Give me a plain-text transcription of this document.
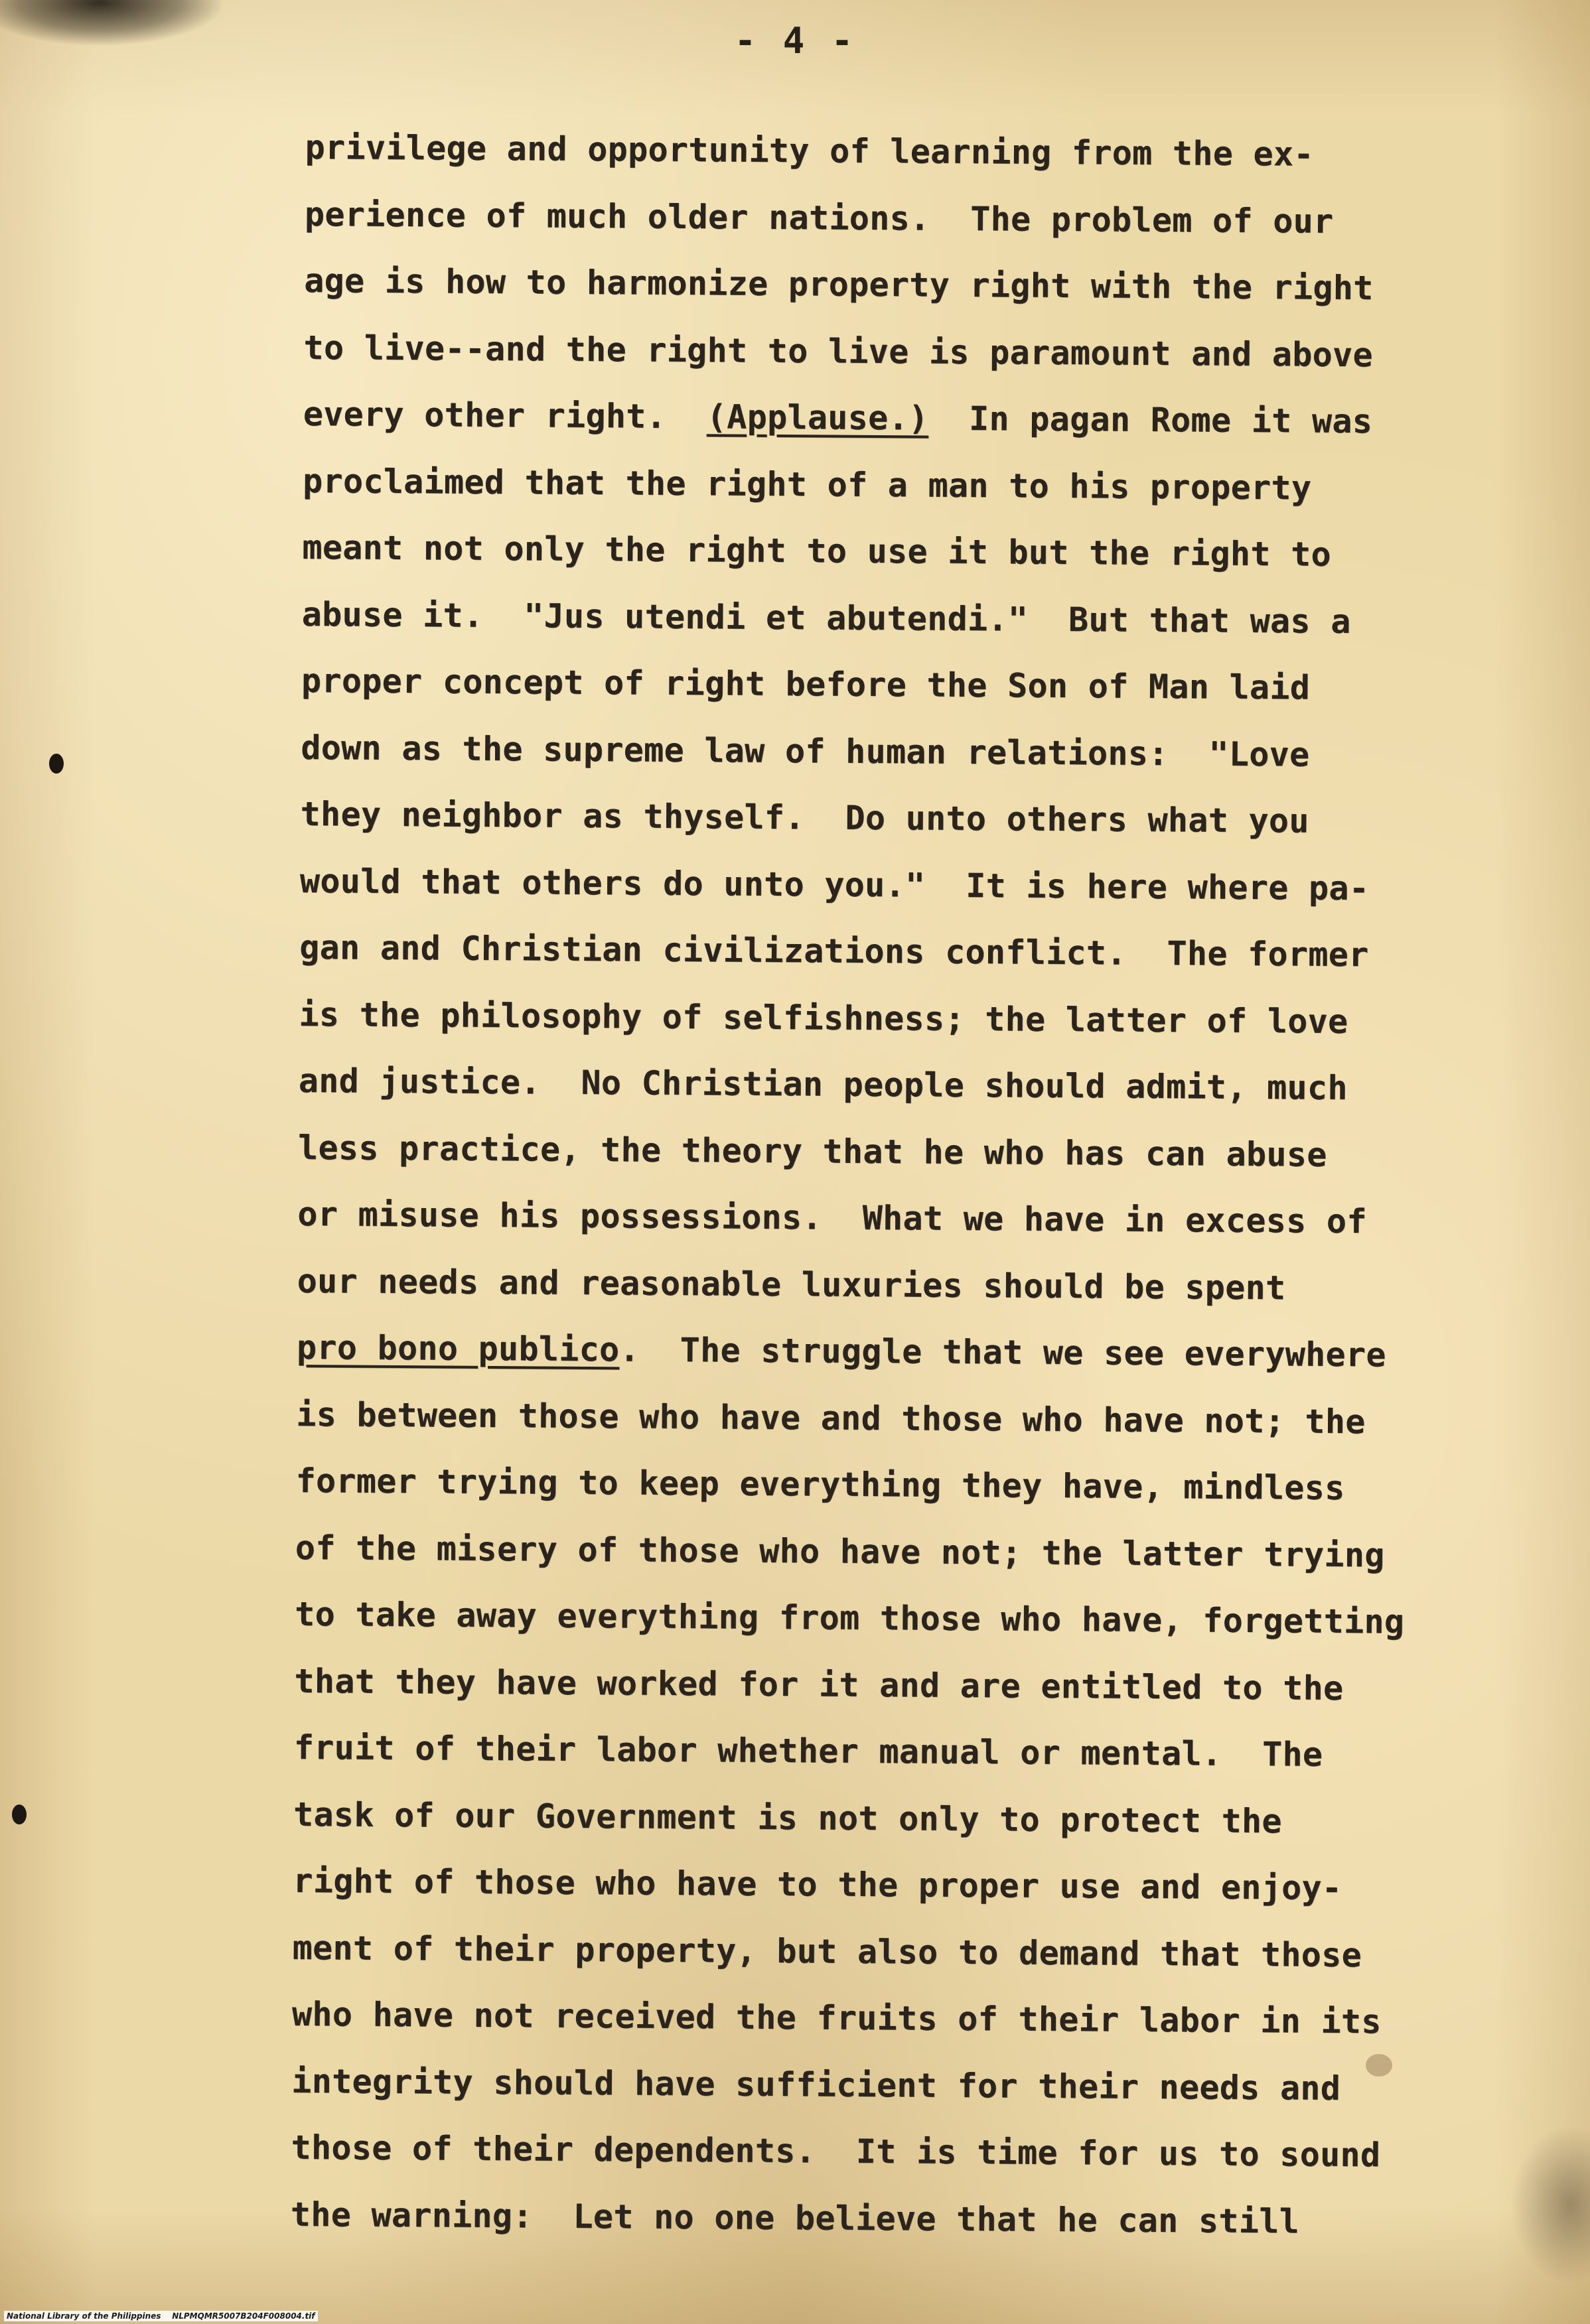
- 4 -
privilege and opportunity of learning from the ex-
perience of much older nations.  The problem of our
age is how to harmonize property right with the right
to live--and the right to live is paramount and above
every other right.  (Applause.)  In pagan Rome it was
proclaimed that the right of a man to his property
meant not only the right to use it but the right to
abuse it.  "Jus utendi et abutendi."  But that was a
proper concept of right before the Son of Man laid
down as the supreme law of human relations:  "Love
they neighbor as thyself.  Do unto others what you
would that others do unto you."  It is here where pa-
gan and Christian civilizations conflict.  The former
is the philosophy of selfishness; the latter of love
and justice.  No Christian people should admit, much
less practice, the theory that he who has can abuse
or misuse his possessions.  What we have in excess of
our needs and reasonable luxuries should be spent
pro bono publico.  The struggle that we see everywhere
is between those who have and those who have not; the
former trying to keep everything they have, mindless
of the misery of those who have not; the latter trying
to take away everything from those who have, forgetting
that they have worked for it and are entitled to the
fruit of their labor whether manual or mental.  The
task of our Government is not only to protect the
right of those who have to the proper use and enjoy-
ment of their property, but also to demand that those
who have not received the fruits of their labor in its
integrity should have sufficient for their needs and
those of their dependents.  It is time for us to sound
the warning:  Let no one believe that he can still
National Library of the Philippines    NLPMQMR5007B204F008004.tif
